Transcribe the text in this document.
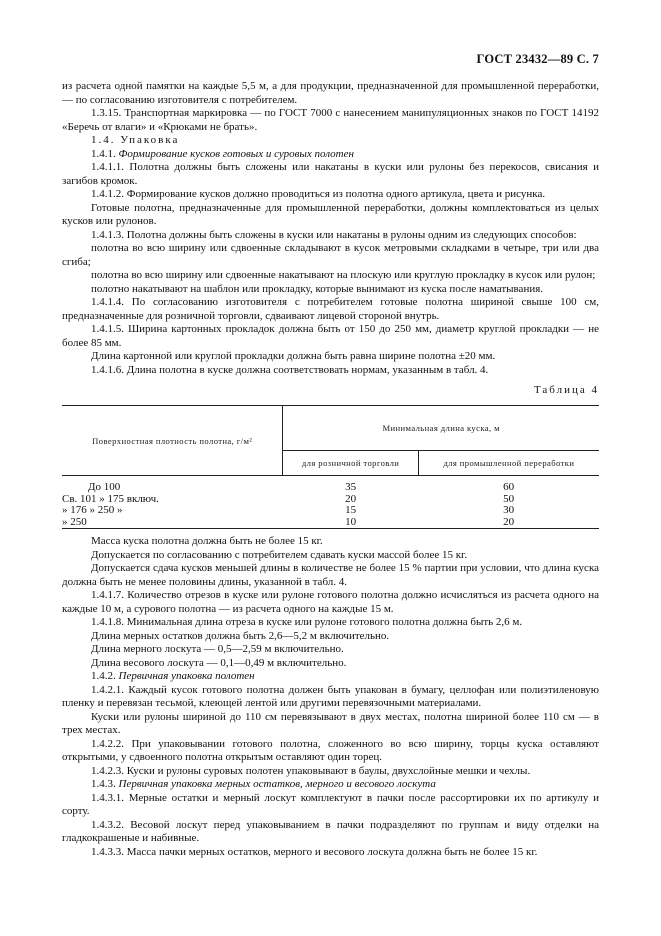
ГОСТ 23432—89 С. 7

из расчета одной памятки на каждые 5,5 м, а для продукции, предназначенной для промышленной переработки, — по согласованию изготовителя с потребителем.

1.3.15. Транспортная маркировка — по ГОСТ 7000 с нанесением манипуляционных знаков по ГОСТ 14192 «Беречь от влаги» и «Крюками не брать».

1.4. Упаковка

1.4.1. Формирование кусков готовых и суровых полотен

1.4.1.1. Полотна должны быть сложены или накатаны в куски или рулоны без перекосов, свисания и загибов кромок.

1.4.1.2. Формирование кусков должно проводиться из полотна одного артикула, цвета и рисунка.

Готовые полотна, предназначенные для промышленной переработки, должны комплектоваться из целых кусков или рулонов.

1.4.1.3. Полотна должны быть сложены в куски или накатаны в рулоны одним из следующих способов:

полотна во всю ширину или сдвоенные складывают в кусок метровыми складками в четыре, три или два сгиба;

полотна во всю ширину или сдвоенные накатывают на плоскую или круглую прокладку в кусок или рулон;

полотно накатывают на шаблон или прокладку, которые вынимают из куска после наматывания.

1.4.1.4. По согласованию изготовителя с потребителем готовые полотна шириной свыше 100 см, предназначенные для розничной торговли, сдваивают лицевой стороной внутрь.

1.4.1.5. Ширина картонных прокладок должна быть от 150 до 250 мм, диаметр круглой прокладки — не более 85 мм.

Длина картонной или круглой прокладки должна быть равна ширине полотна ±20 мм.

1.4.1.6. Длина полотна в куске должна соответствовать нормам, указанным в табл. 4.

Таблица 4
Поверхностная плотность полотна, г/м²	Минимальная длина куска, м	
	для розничной торговли	для промышленной переработки
До 100	35	60
Св. 101 » 175 включ.	20	50
» 176 » 250 »	15	30
» 250	10	20

Масса куска полотна должна быть не более 15 кг.

Допускается по согласованию с потребителем сдавать куски массой более 15 кг.

Допускается сдача кусков меньшей длины в количестве не более 15 % партии при условии, что длина куска должна быть не менее половины длины, указанной в табл. 4.

1.4.1.7. Количество отрезов в куске или рулоне готового полотна должно исчисляться из расчета одного на каждые 10 м, а сурового полотна — из расчета одного на каждые 15 м.

1.4.1.8. Минимальная длина отреза в куске или рулоне готового полотна должна быть 2,6 м.

Длина мерных остатков должна быть 2,6—5,2 м включительно.

Длина мерного лоскута — 0,5—2,59 м включительно.

Длина весового лоскута — 0,1—0,49 м включительно.

1.4.2. Первичная упаковка полотен

1.4.2.1. Каждый кусок готового полотна должен быть упакован в бумагу, целлофан или полиэтиленовую пленку и перевязан тесьмой, клеющей лентой или другими перевязочными материалами.

Куски или рулоны шириной до 110 см перевязывают в двух местах, полотна шириной более 110 см — в трех местах.

1.4.2.2. При упаковывании готового полотна, сложенного во всю ширину, торцы куска оставляют открытыми, у сдвоенного полотна открытым оставляют один торец.

1.4.2.3. Куски и рулоны суровых полотен упаковывают в баулы, двухслойные мешки и чехлы.

1.4.3. Первичная упаковка мерных остатков, мерного и весового лоскута

1.4.3.1. Мерные остатки и мерный лоскут комплектуют в пачки после рассортировки их по артикулу и сорту.

1.4.3.2. Весовой лоскут перед упаковыванием в пачки подразделяют по группам и виду отделки на гладкокрашеные и набивные.

1.4.3.3. Масса пачки мерных остатков, мерного и весового лоскута должна быть не более 15 кг.
